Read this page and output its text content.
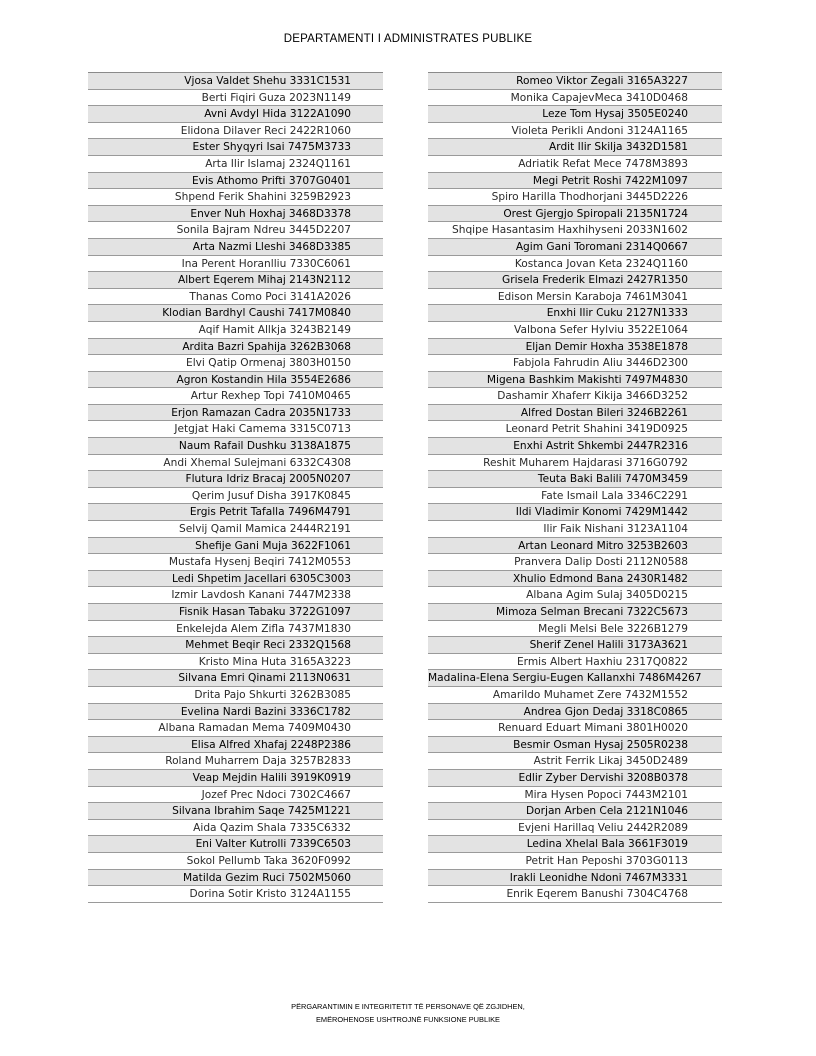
DEPARTAMENTI I ADMINISTRATES PUBLIKE
Vjosa Valdet Shehu 3331C1531
Berti Fiqiri Guza 2023N1149
Avni Avdyl Hida 3122A1090
Elidona Dilaver Reci 2422R1060
Ester Shyqyri Isai 7475M3733
Arta Ilir Islamaj 2324Q1161
Evis Athomo Prifti 3707G0401
Shpend Ferik Shahini 3259B2923
Enver Nuh Hoxhaj 3468D3378
Sonila Bajram Ndreu 3445D2207
Arta Nazmi Lleshi 3468D3385
Ina Perent Horanlliu 7330C6061
Albert Eqerem Mihaj 2143N2112
Thanas Como Poci 3141A2026
Klodian Bardhyl Caushi 7417M0840
Aqif Hamit Allkja 3243B2149
Ardita Bazri Spahija 3262B3068
Elvi Qatip Ormenaj 3803H0150
Agron Kostandin Hila 3554E2686
Artur Rexhep Topi 7410M0465
Erjon Ramazan Cadra 2035N1733
Jetgjat Haki Camema 3315C0713
Naum Rafail Dushku 3138A1875
Andi Xhemal Sulejmani 6332C4308
Flutura Idriz Bracaj 2005N0207
Qerim Jusuf Disha 3917K0845
Ergis Petrit Tafalla 7496M4791
Selvij Qamil Mamica 2444R2191
Shefije Gani Muja 3622F1061
Mustafa Hysenj Beqiri 7412M0553
Ledi Shpetim Jacellari 6305C3003
Izmir Lavdosh Kanani 7447M2338
Fisnik Hasan Tabaku 3722G1097
Enkelejda Alem Zifla 7437M1830
Mehmet Beqir Reci 2332Q1568
Kristo Mina Huta 3165A3223
Silvana Emri Qinami 2113N0631
Drita Pajo Shkurti 3262B3085
Evelina Nardi Bazini 3336C1782
Albana Ramadan Mema 7409M0430
Elisa Alfred Xhafaj 2248P2386
Roland Muharrem Daja 3257B2833
Veap Mejdin Halili 3919K0919
Jozef Prec Ndoci 7302C4667
Silvana Ibrahim Saqe 7425M1221
Aida Qazim Shala 7335C6332
Eni Valter Kutrolli 7339C6503
Sokol Pellumb Taka 3620F0992
Matilda Gezim Ruci 7502M5060
Dorina Sotir Kristo 3124A1155
Romeo Viktor Zegali 3165A3227
Monika CapajevMeca 3410D0468
Leze Tom Hysaj 3505E0240
Violeta Perikli Andoni 3124A1165
Ardit Ilir Skilja 3432D1581
Adriatik Refat Mece 7478M3893
Megi Petrit Roshi 7422M1097
Spiro Harilla Thodhorjani 3445D2226
Orest Gjergjo Spiropali 2135N1724
Shqipe Hasantasim Haxhihyseni 2033N1602
Agim Gani Toromani 2314Q0667
Kostanca Jovan Keta 2324Q1160
Grisela Frederik Elmazi 2427R1350
Edison Mersin Karaboja 7461M3041
Enxhi Ilir Cuku 2127N1333
Valbona Sefer Hylviu 3522E1064
Eljan Demir Hoxha 3538E1878
Fabjola Fahrudin Aliu 3446D2300
Migena Bashkim Makishti 7497M4830
Dashamir Xhaferr Kikija 3466D3252
Alfred Dostan Bileri 3246B2261
Leonard Petrit Shahini 3419D0925
Enxhi Astrit Shkembi 2447R2316
Reshit Muharem Hajdarasi 3716G0792
Teuta Baki Balili 7470M3459
Fate Ismail Lala 3346C2291
Ildi Vladimir Konomi 7429M1442
Ilir Faik Nishani 3123A1104
Artan Leonard Mitro 3253B2603
Pranvera Dalip Dosti 2112N0588
Xhulio Edmond Bana 2430R1482
Albana Agim Sulaj 3405D0215
Mimoza Selman Brecani 7322C5673
Megli Melsi Bele 3226B1279
Sherif Zenel Halili 3173A3621
Ermis Albert Haxhiu 2317Q0822
Madalina-Elena Sergiu-Eugen Kallanxhi 7486M4267
Amarildo Muhamet Zere 7432M1552
Andrea Gjon Dedaj 3318C0865
Renuard Eduart Mimani 3801H0020
Besmir Osman Hysaj 2505R0238
Astrit Ferrik Likaj 3450D2489
Edlir Zyber Dervishi 3208B0378
Mira Hysen Popoci 7443M2101
Dorjan Arben Cela 2121N1046
Evjeni Harillaq Veliu 2442R2089
Ledina Xhelal Bala 3661F3019
Petrit Han Peposhi 3703G0113
Irakli Leonidhe Ndoni 7467M3331
Enrik Eqerem Banushi 7304C4768
PËRGARANTIMIN E INTEGRITETIT TË PERSONAVE QË ZGJIDHEN,
EMËROHENOSE USHTROJNË FUNKSIONE PUBLIKE
